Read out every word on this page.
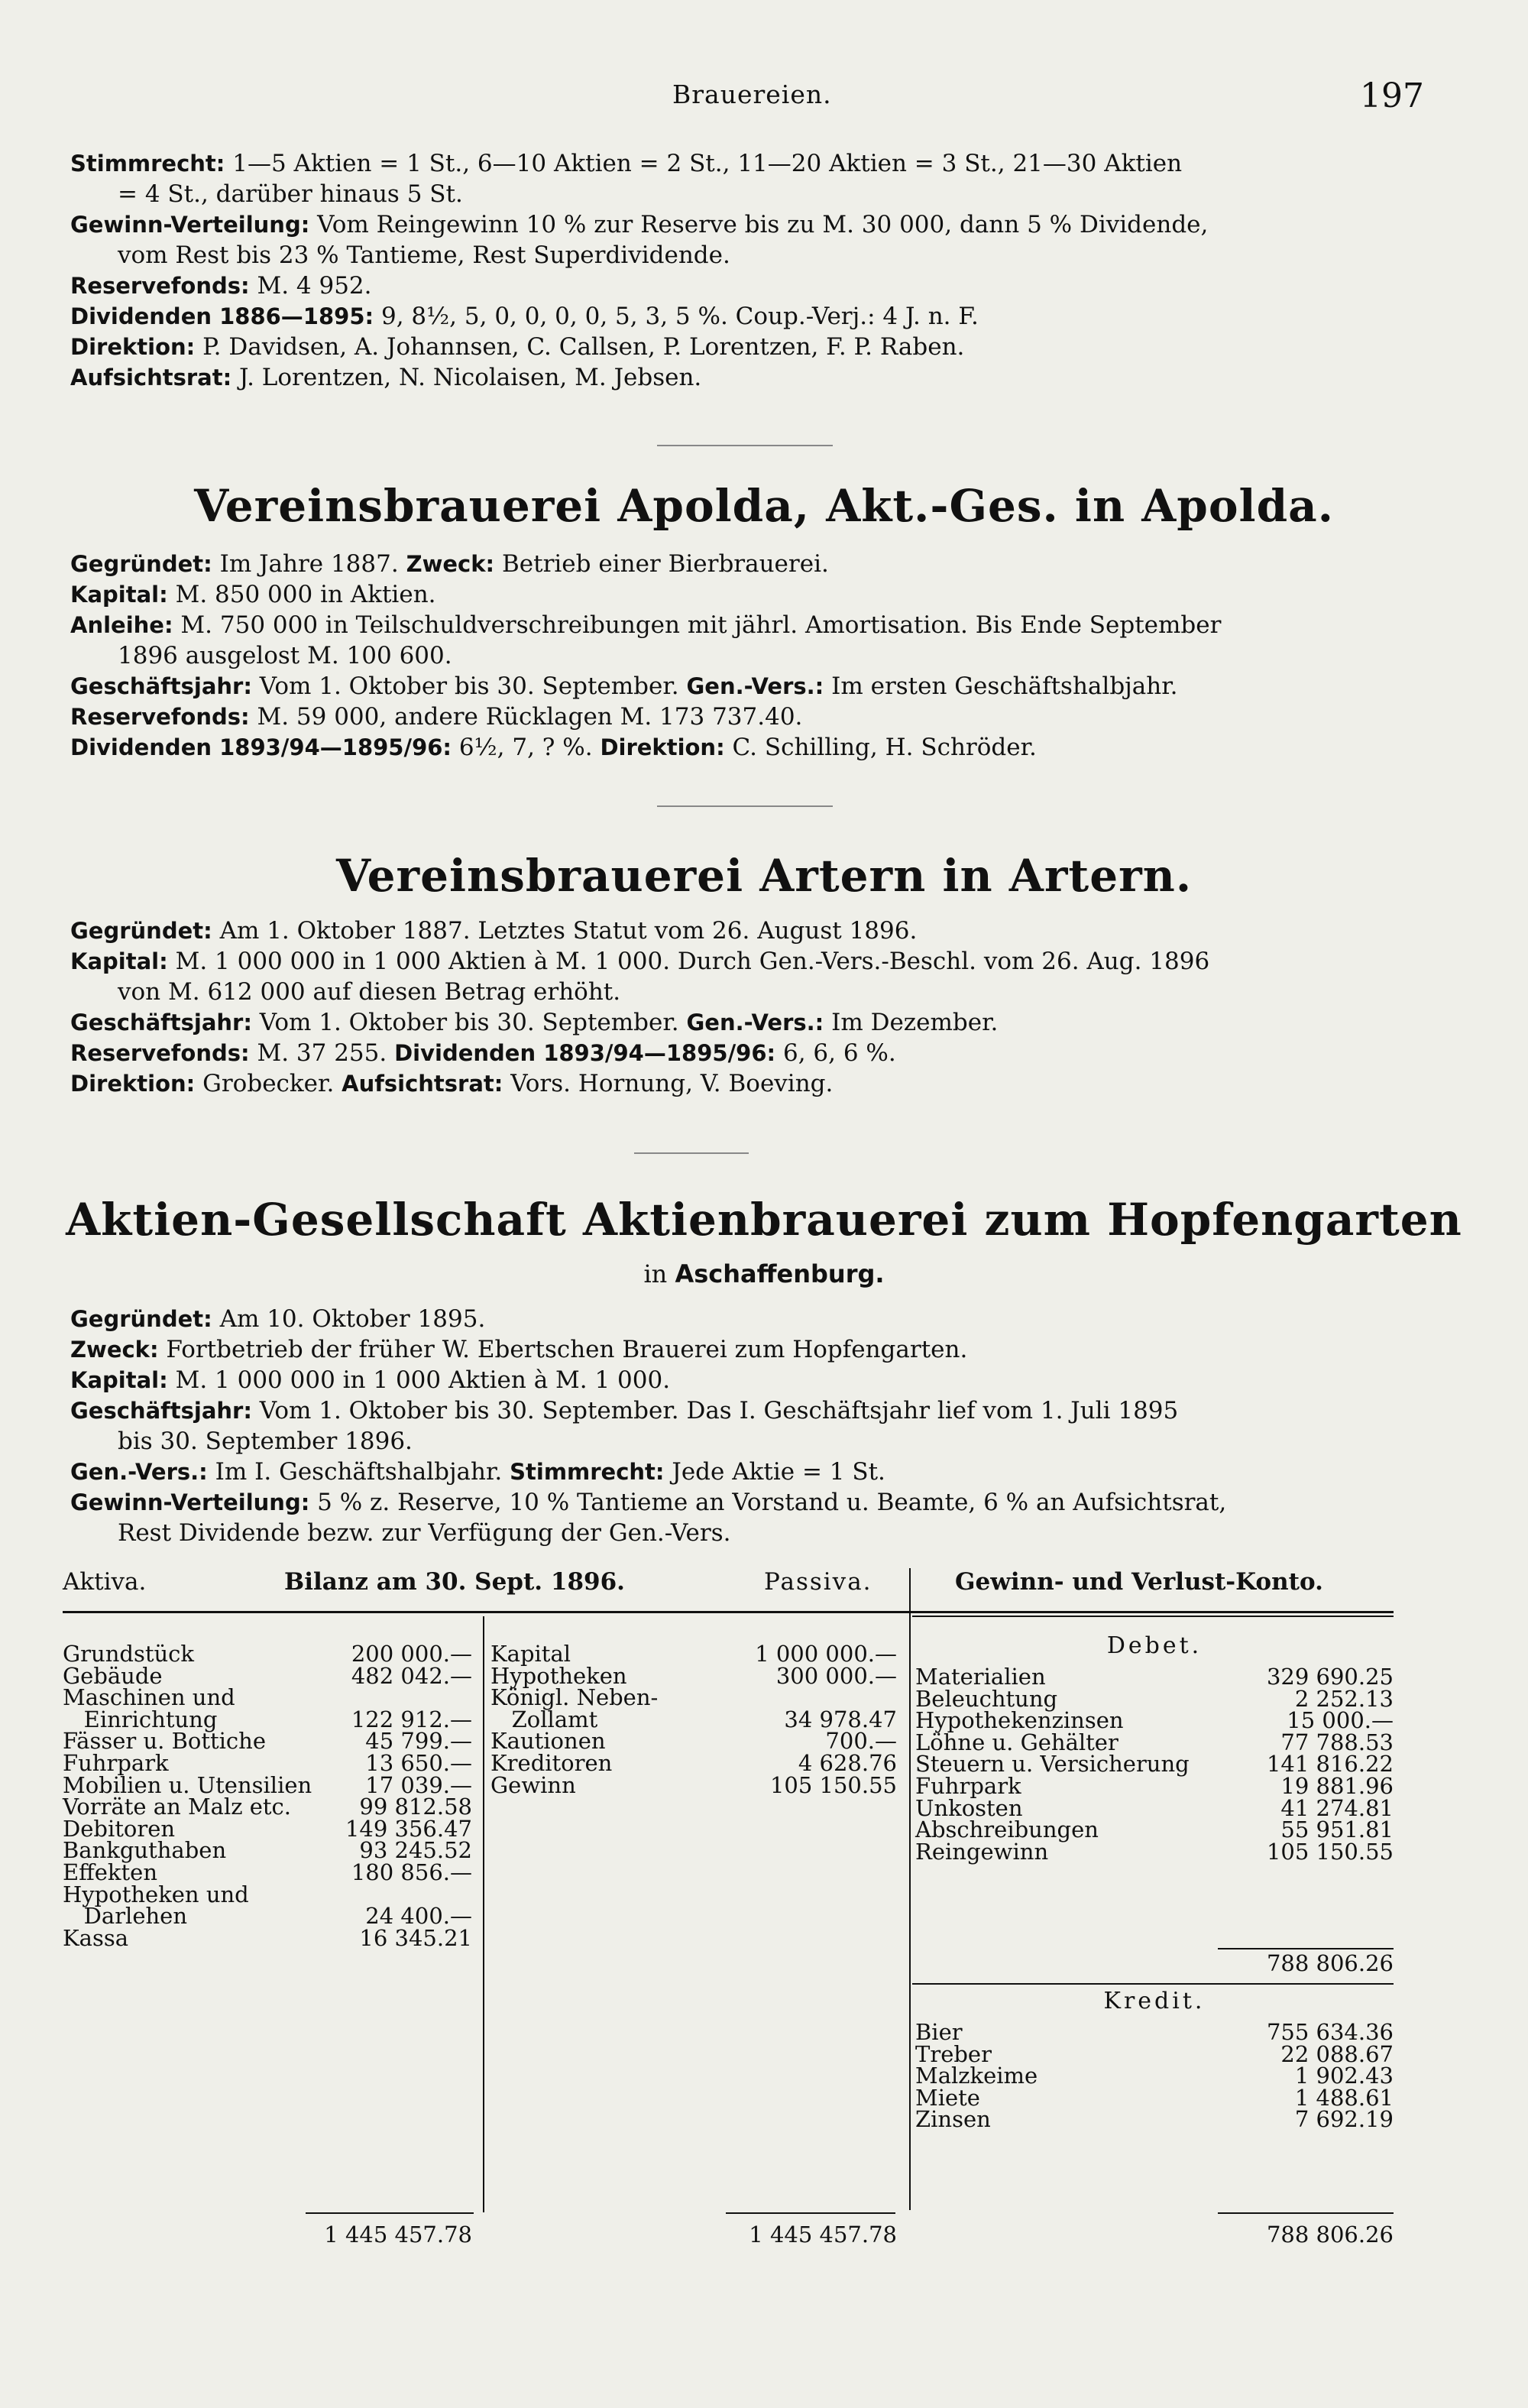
Brauereien.	197

Stimmrecht: 1—5 Aktien = 1 St., 6—10 Aktien = 2 St., 11—20 Aktien = 3 St., 21—30 Aktien

= 4 St., darüber hinaus 5 St.

Gewinn-Verteilung: Vom Reingewinn 10 % zur Reserve bis zu M. 30 000, dann 5 % Dividende,

vom Rest bis 23 % Tantieme, Rest Superdividende.

Reservefonds: M. 4 952.

Dividenden 1886—1895: 9, 8½, 5, 0, 0, 0, 0, 5, 3, 5 %. Coup.-Verj.: 4 J. n. F.

Direktion: P. Davidsen, A. Johannsen, C. Callsen, P. Lorentzen, F. P. Raben.

Aufsichtsrat: J. Lorentzen, N. Nicolaisen, M. Jebsen.

Vereinsbrauerei Apolda, Akt.-Ges. in Apolda.

Gegründet: Im Jahre 1887. Zweck: Betrieb einer Bierbrauerei.

Kapital: M. 850 000 in Aktien.

Anleihe: M. 750 000 in Teilschuldverschreibungen mit jährl. Amortisation. Bis Ende September

1896 ausgelost M. 100 600.

Geschäftsjahr: Vom 1. Oktober bis 30. September. Gen.-Vers.: Im ersten Geschäftshalbjahr.

Reservefonds: M. 59 000, andere Rücklagen M. 173 737.40.

Dividenden 1893/94—1895/96: 6½, 7, ? %. Direktion: C. Schilling, H. Schröder.

Vereinsbrauerei Artern in Artern.

Gegründet: Am 1. Oktober 1887. Letztes Statut vom 26. August 1896.

Kapital: M. 1 000 000 in 1 000 Aktien à M. 1 000. Durch Gen.-Vers.-Beschl. vom 26. Aug. 1896

von M. 612 000 auf diesen Betrag erhöht.

Geschäftsjahr: Vom 1. Oktober bis 30. September. Gen.-Vers.: Im Dezember.

Reservefonds: M. 37 255. Dividenden 1893/94—1895/96: 6, 6, 6 %.

Direktion: Grobecker. Aufsichtsrat: Vors. Hornung, V. Boeving.

Aktien-Gesellschaft Aktienbrauerei zum Hopfengarten
in Aschaffenburg.

Gegründet: Am 10. Oktober 1895.

Zweck: Fortbetrieb der früher W. Ebertschen Brauerei zum Hopfengarten.

Kapital: M. 1 000 000 in 1 000 Aktien à M. 1 000.

Geschäftsjahr: Vom 1. Oktober bis 30. September. Das I. Geschäftsjahr lief vom 1. Juli 1895

bis 30. September 1896.

Gen.-Vers.: Im I. Geschäftshalbjahr. Stimmrecht: Jede Aktie = 1 St.

Gewinn-Verteilung: 5 % z. Reserve, 10 % Tantieme an Vorstand u. Beamte, 6 % an Aufsichtsrat,

Rest Dividende bezw. zur Verfügung der Gen.-Vers.

Aktiva.	Bilanz am 30. Sept. 1896.	Passiva.	Gewinn- und Verlust-Konto.
Grundstück	200 000.—
Gebäude	482 042.—
Maschinen und
Einrichtung	122 912.—
Fässer u. Bottiche	45 799.—
Fuhrpark	13 650.—
Mobilien u. Utensilien 17 039.—
Vorräte an Malz etc.	99 812.58
Debitoren	149 356.47
Bankguthaben	93 245.52
Effekten	180 856.—
Hypotheken und
Darlehen	24 400.—
Kassa	16 345.21
1 445 457.78
Kapital	1 000 000.—
Hypotheken	300 000.—
Königl. Neben-
Zollamt	34 978.47
Kautionen	700.—
Kreditoren	4 628.76
Gewinn	105 150.55
1 445 457.78
Debet.
Materialien	329 690.25
Beleuchtung	2 252.13
Hypothekenzinsen	15 000.—
Löhne u. Gehälter	77 788.53
Steuern u. Versicherung	141 816.22
Fuhrpark	19 881.96
Unkosten	41 274.81
Abschreibungen	55 951.81
Reingewinn	105 150.55
788 806.26
Kredit.
Bier	755 634.36
Treber	22 088.67
Malzkeime	1 902.43
Miete	1 488.61
Zinsen	7 692.19
788 806.26
